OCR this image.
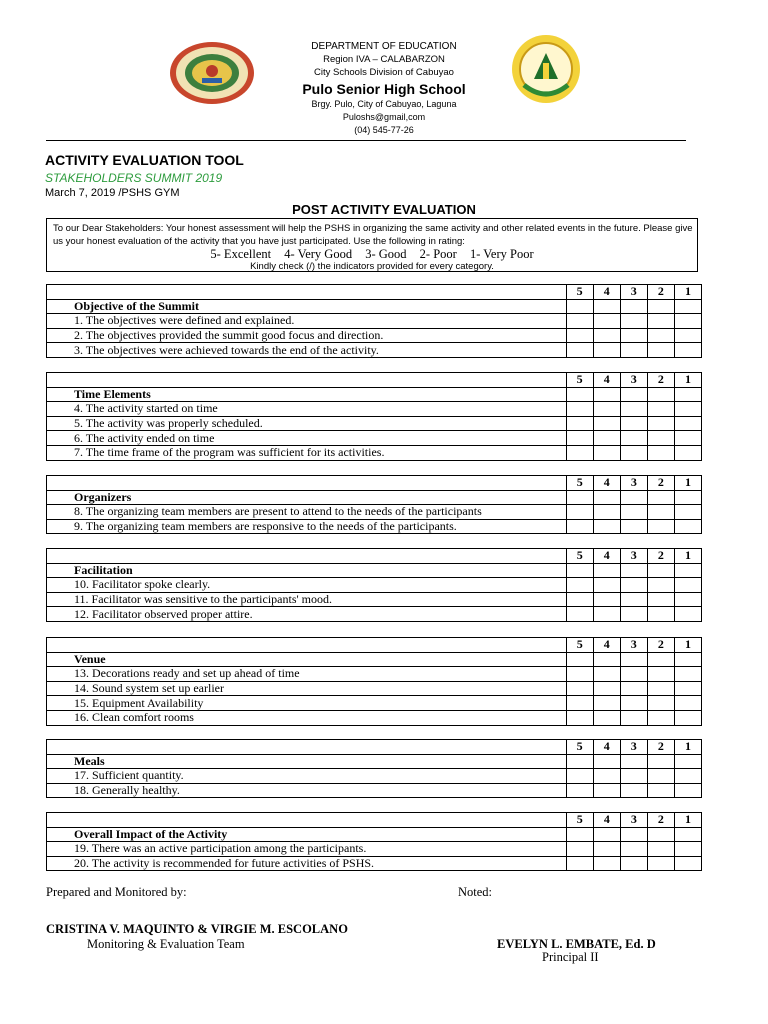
DEPARTMENT OF EDUCATION
Region IVA – CALABARZON
City Schools Division of Cabuyao
Pulo Senior High School
Brgy. Pulo, City of Cabuyao, Laguna
Puloshs@gmail,com
(04) 545-77-26
ACTIVITY EVALUATION TOOL
STAKEHOLDERS SUMMIT 2019
March 7, 2019 /PSHS GYM
POST ACTIVITY EVALUATION
To our Dear Stakeholders: Your honest assessment will help the PSHS in organizing the same activity and other related events in the future. Please give us your honest evaluation of the activity that you have just participated. Use the following in rating:
5- Excellent 4- Very Good 3- Good 2- Poor 1- Very Poor
Kindly check (/) the indicators provided for every category.
	5	4	3	2	1
Objective of the Summit					
1. The objectives were defined and explained.					
2. The objectives provided the summit good focus and direction.					
3. The objectives were achieved towards the end of the activity.					
	5	4	3	2	1
Time Elements					
4. The activity started on time					
5. The activity was properly scheduled.					
6. The activity ended on time					
7. The time frame of the program was sufficient for its activities.					
	5	4	3	2	1
Organizers					
8. The organizing team members are present to attend to the needs of the participants					
9. The organizing team members are responsive to the needs of the participants.					
	5	4	3	2	1
Facilitation					
10. Facilitator spoke clearly.					
11. Facilitator was sensitive to the participants' mood.					
12. Facilitator observed proper attire.					
	5	4	3	2	1
Venue					
13. Decorations ready and set up ahead of time					
14. Sound system set up earlier					
15. Equipment Availability					
16. Clean comfort rooms					
	5	4	3	2	1
Meals					
17. Sufficient quantity.					
18. Generally healthy.					
	5	4	3	2	1
Overall Impact of the Activity					
19. There was an active participation among the participants.					
20. The activity is recommended for future activities of PSHS.					
Prepared and Monitored by:	Noted:
CRISTINA V. MAQUINTO & VIRGIE M. ESCOLANO
Monitoring & Evaluation Team	EVELYN L. EMBATE, Ed. D
Principal II
